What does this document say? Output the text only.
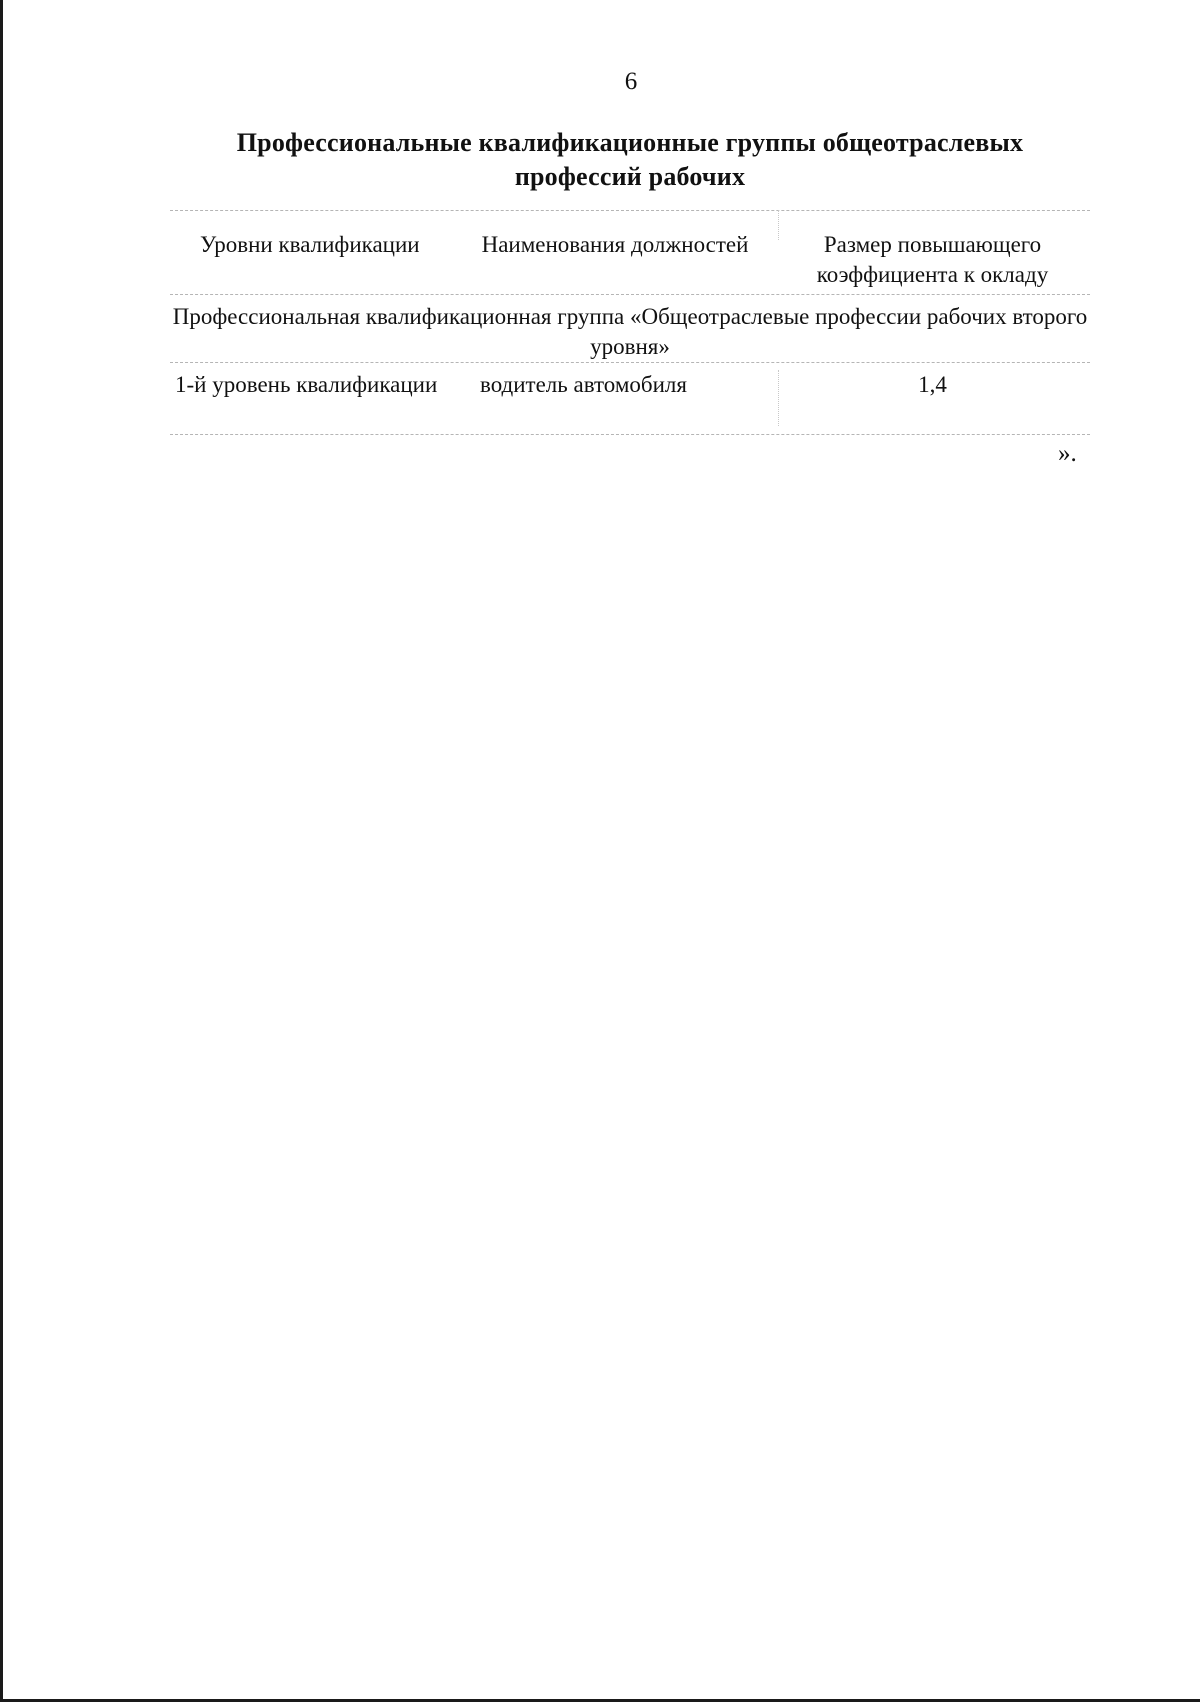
6
Профессиональные квалификационные группы общеотраслевых профессий рабочих
Уровни квалификации	Наименования должностей	Размер повышающего коэффициента к окладу
Профессиональная квалификационная группа «Общеотраслевые профессии рабочих второго уровня»
1-й уровень квалификации	водитель автомобиля	1,4
».
